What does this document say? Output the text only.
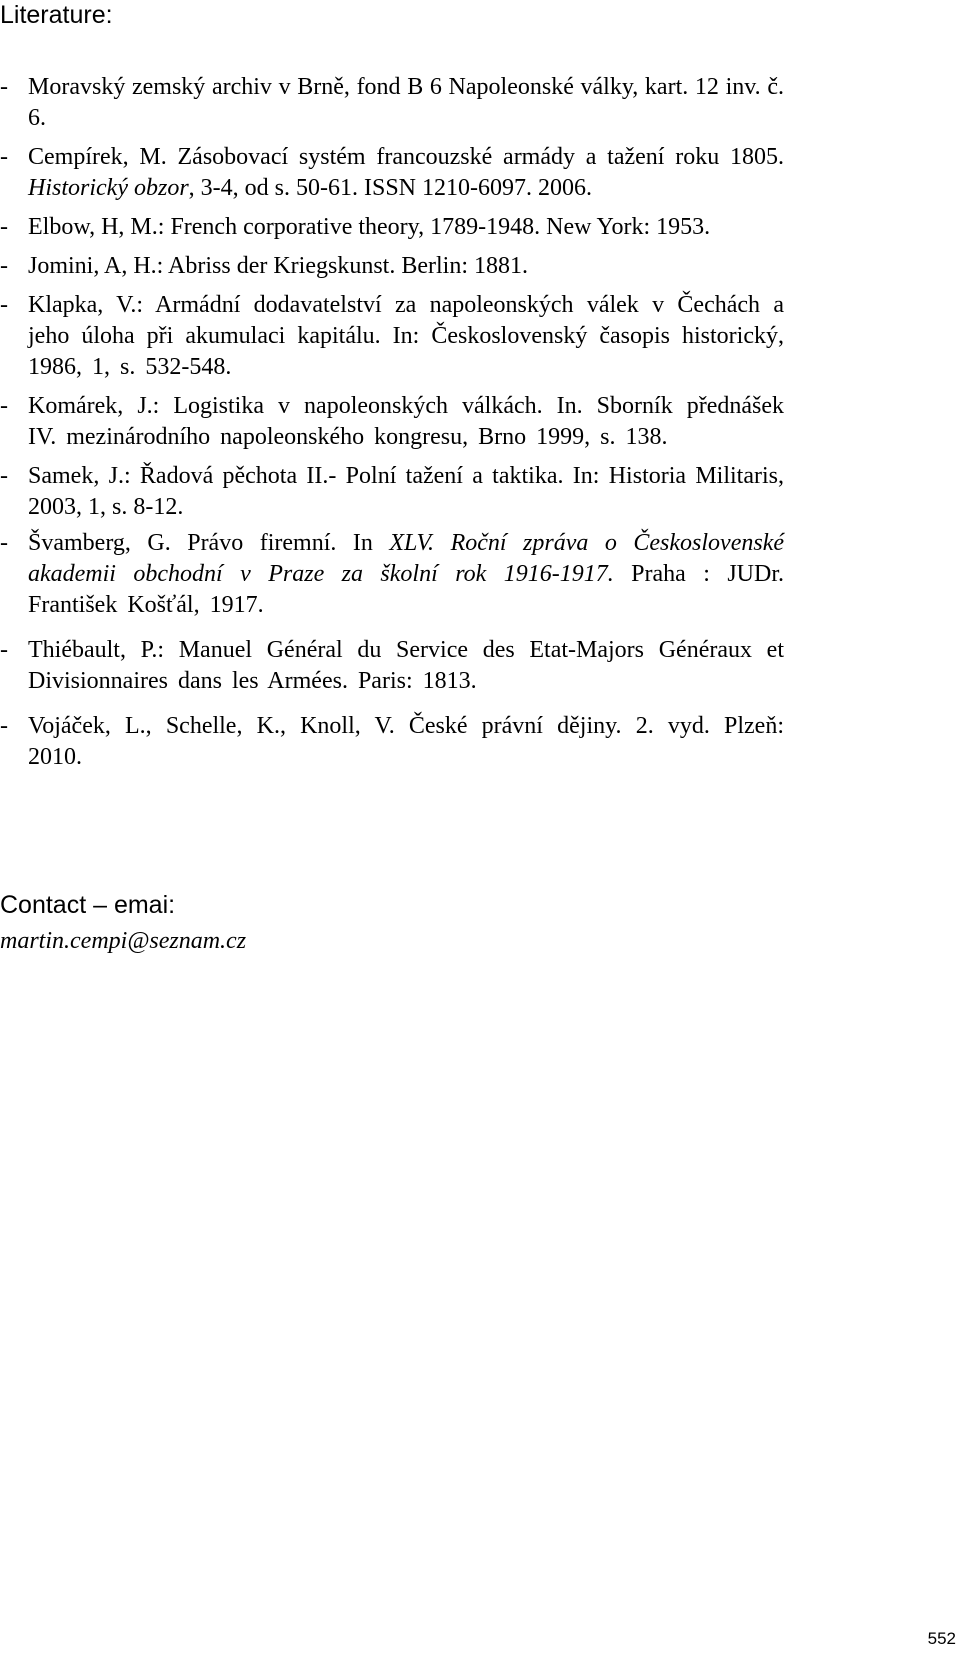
Literature:
- Moravský zemský archiv v Brně, fond B 6 Napoleonské války, kart. 12 inv. č. 6.
- Cempírek, M. Zásobovací systém francouzské armády a tažení roku 1805. Historický obzor, 3-4, od s. 50-61. ISSN 1210-6097. 2006.
- Elbow, H, M.: French corporative theory, 1789-1948. New York: 1953.
- Jomini, A, H.: Abriss der Kriegskunst. Berlin: 1881.
- Klapka, V.: Armádní dodavatelství za napoleonských válek v Čechách a jeho úloha při akumulaci kapitálu. In: Československý časopis historický, 1986, 1, s. 532-548.
- Komárek, J.: Logistika v napoleonských válkách. In. Sborník přednášek IV. mezinárodního napoleonského kongresu, Brno 1999, s. 138.
- Samek, J.: Řadová pěchota II.- Polní tažení a taktika. In: Historia Militaris, 2003, 1, s. 8-12.
- Švamberg, G. Právo firemní. In XLV. Roční zpráva o Československé akademii obchodní v Praze za školní rok 1916-1917. Praha : JUDr. František Košťál, 1917.
- Thiébault, P.: Manuel Général du Service des Etat-Majors Généraux et Divisionnaires dans les Armées. Paris: 1813.
- Vojáček, L., Schelle, K., Knoll, V. České právní dějiny. 2. vyd. Plzeň: 2010.
Contact – emai:
martin.cempi@seznam.cz
552
